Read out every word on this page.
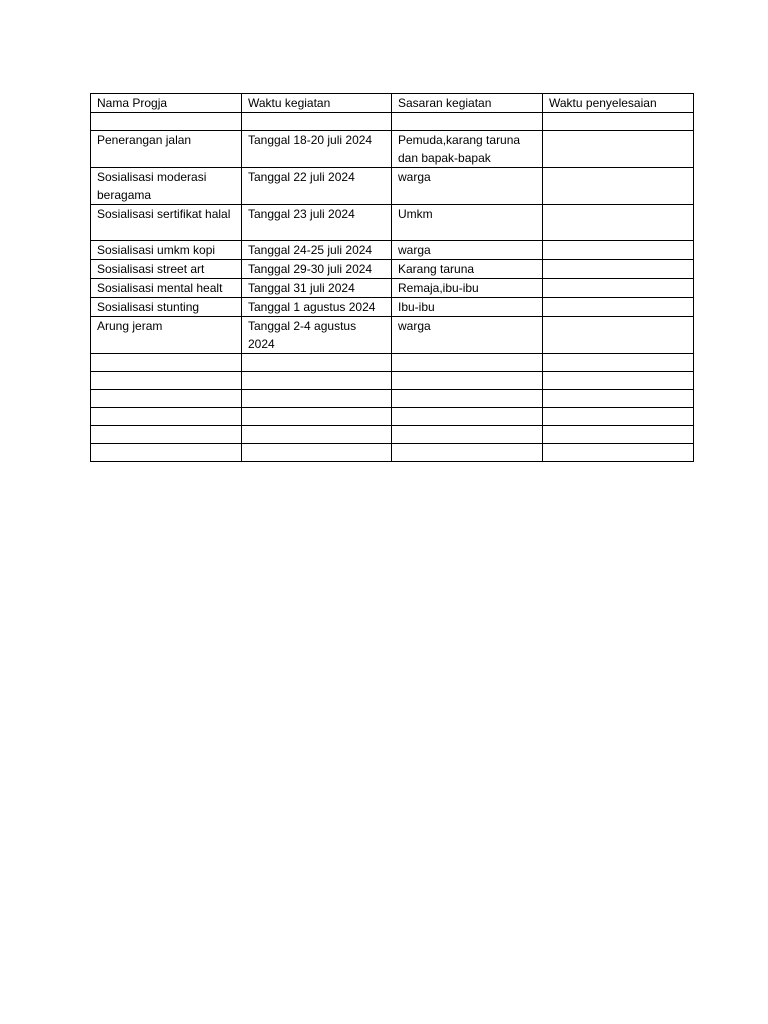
Nama Progja	Waktu kegiatan	Sasaran kegiatan	Waktu penyelesaian

Penerangan jalan	Tanggal 18-20 juli 2024	Pemuda,karang taruna dan bapak-bapak	
Sosialisasi moderasi beragama	Tanggal 22 juli 2024	warga	
Sosialisasi sertifikat halal	Tanggal 23 juli 2024	Umkm	
Sosialisasi umkm kopi	Tanggal 24-25 juli 2024	warga	
Sosialisasi street art	Tanggal 29-30 juli 2024	Karang taruna	
Sosialisasi mental healt	Tanggal 31 juli 2024	Remaja,ibu-ibu	
Sosialisasi stunting	Tanggal 1 agustus 2024	Ibu-ibu	
Arung jeram	Tanggal 2-4 agustus 2024	warga	
